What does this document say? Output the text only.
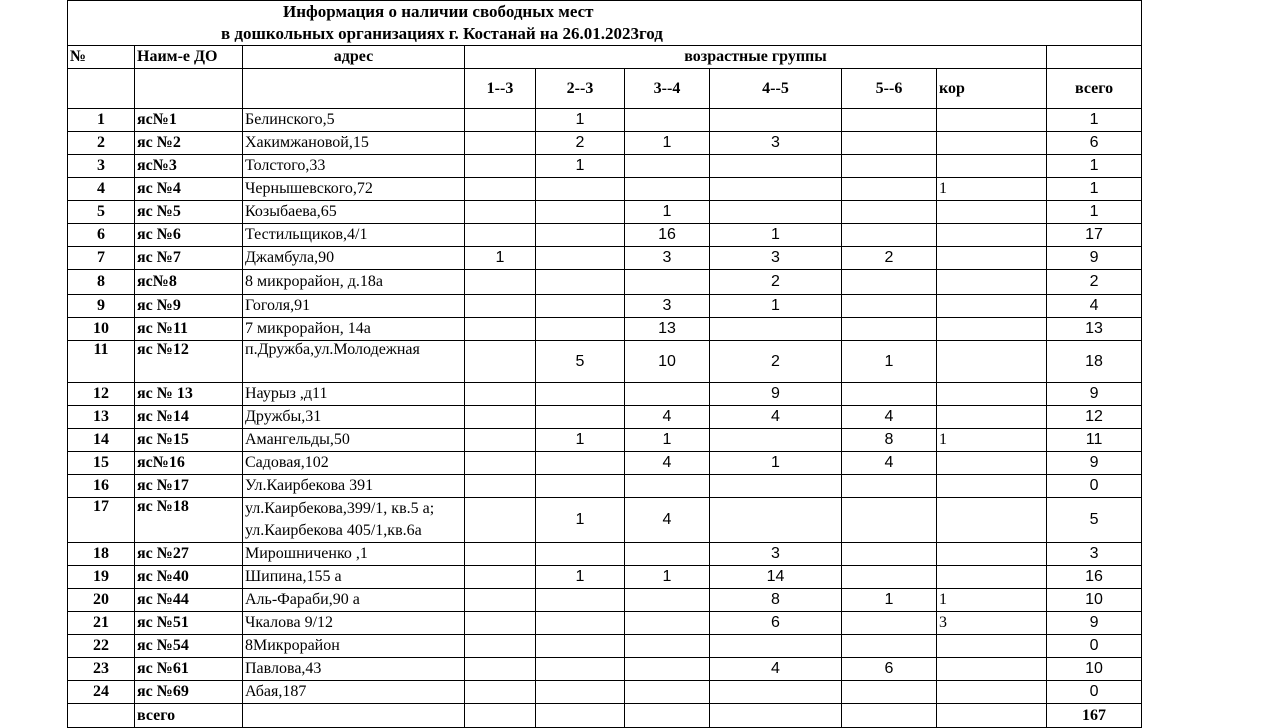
Информация о наличии свободных мест
в дошкольных организациях г. Костанай на 26.01.2023год									

№	Наим-е ДО	адрес	возрастные группы						
			1--3	2--3	3--4	4--5	5--6	кор	всего
1	яс№1	Белинского,5		1					1
2	яс №2	Хакимжановой,15		2	1	3			6
3	яс№3	Толстого,33		1					1
4	яс №4	Чернышевского,72						1	1
5	яс №5	Козыбаева,65			1				1
6	яс №6	Тестильщиков,4/1			16	1			17
7	яс №7	Джамбула,90	1		3	3	2		9
8	яс№8	8 микрорайон, д.18а				2			2
9	яс №9	Гоголя,91			3	1			4
10	яс №11	7 микрорайон, 14а			13				13
11	яс №12	п.Дружба,ул.Молодежная		5	10	2	1		18
12	яс № 13	Наурыз ,д11				9			9
13	яс №14	Дружбы,31			4	4	4		12
14	яс №15	Амангельды,50		1	1		8	1	11
15	яс№16	Садовая,102			4	1	4		9
16	яс №17	Ул.Каирбекова 391							0
17	яс №18	ул.Каирбекова,399/1, кв.5 а;
ул.Каирбекова 405/1,кв.6а		1	4				5
18	яс №27	Мирошниченко ,1				3			3
19	яс №40	Шипина,155 а		1	1	14			16
20	яс №44	Аль-Фараби,90 а				8	1	1	10
21	яс №51	Чкалова 9/12				6		3	9
22	яс №54	8Микрорайон							0
23	яс №61	Павлова,43				4	6		10
24	яс №69	Абая,187							0
	всего								167
